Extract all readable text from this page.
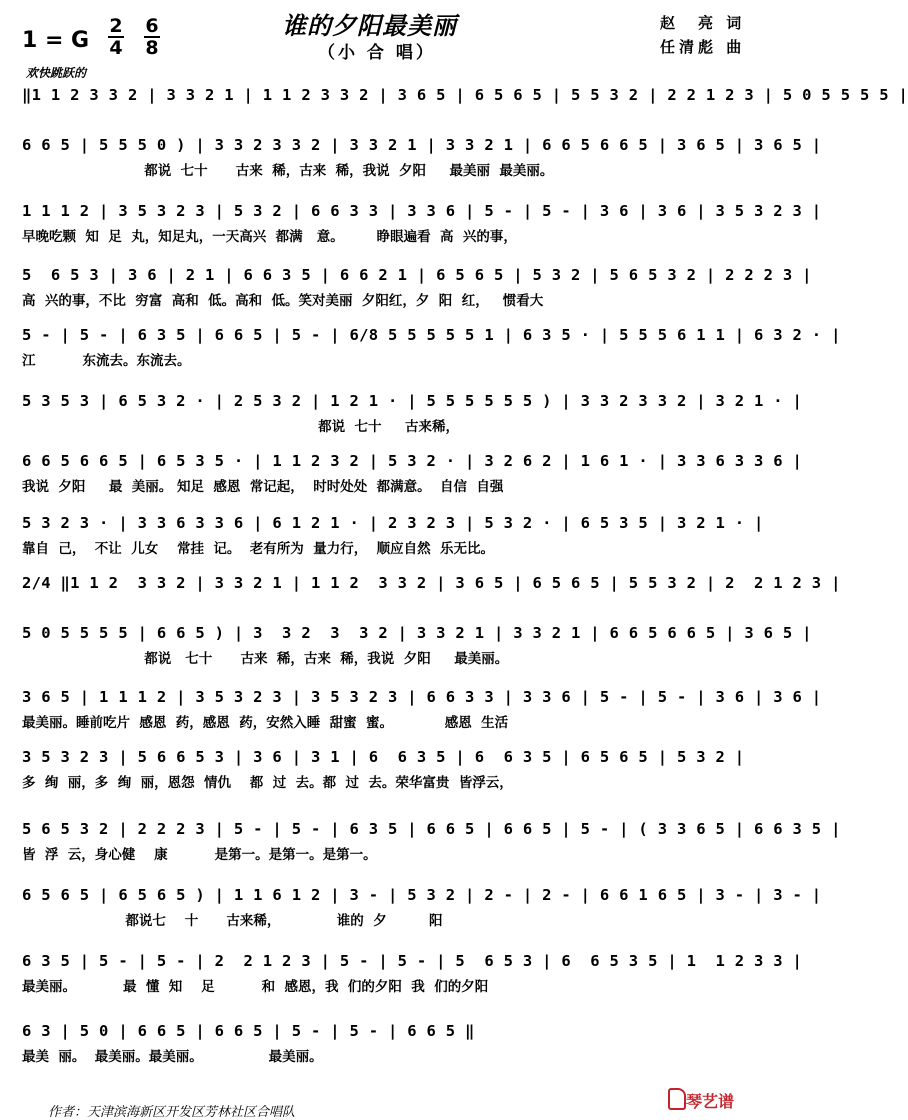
1 = G
2
4
6
8
谁的夕阳最美丽
（小 合 唱）
赵　亮 词
任清彪 曲
欢快跳跃的
‖1 1 2 3 3 2 | 3 3 2 1 | 1 1 2 3 3 2 | 3 6 5 | 6 5 6 5 | 5 5 3 2 | 2 2 1 2 3 | 5 0 5 5 5 5 |
6 6 5 | 5 5 5 0 ) | 3 3 2 3 3 2 | 3 3 2 1 | 3 3 2 1 | 6 6 5 6 6 5 | 3 6 5 | 3 6 5 |
都说  七十      古来  稀，古来  稀，我说  夕阳     最美丽  最美丽。
1 1 1 2 | 3 5 3 2 3 | 5 3 2 | 6 6 3 3 | 3 3 6 | 5 - | 5 - | 3 6 | 3 6 | 3 5 3 2 3 |
早晚吃颗  知  足  丸，知足丸，一天高兴  都满   意。       睁眼遍看  高  兴的事，
5  6 5 3 | 3 6 | 2 1 | 6 6 3 5 | 6 6 2 1 | 6 5 6 5 | 5 3 2 | 5 6 5 3 2 | 2 2 2 3 |
高  兴的事，不比  穷富  高和  低。高和  低。笑对美丽  夕阳红，夕  阳  红，   惯看大
5 - | 5 - | 6 3 5 | 6 6 5 | 5 - | 6/8 5 5 5 5 5 1 | 6 3 5 · | 5 5 5 6 1 1 | 6 3 2 · |
江          东流去。东流去。
5 3 5 3 | 6 5 3 2 · | 2 5 3 2 | 1 2 1 · | 5 5 5 5 5 5 ) | 3 3 2 3 3 2 | 3 2 1 · |
都说  七十     古来稀，
6 6 5 6 6 5 | 6 5 3 5 · | 1 1 2 3 2 | 5 3 2 · | 3 2 6 2 | 1 6 1 · | 3 3 6 3 3 6 |
我说  夕阳     最  美丽。 知足  感恩  常记起，  时时处处  都满意。  自信  自强
5 3 2 3 · | 3 3 6 3 3 6 | 6 1 2 1 · | 2 3 2 3 | 5 3 2 · | 6 5 3 5 | 3 2 1 · |
靠自  己，  不让  儿女    常挂  记。  老有所为  量力行，  顺应自然  乐无比。
2/4 ‖1 1 2  3 3 2 | 3 3 2 1 | 1 1 2  3 3 2 | 3 6 5 | 6 5 6 5 | 5 5 3 2 | 2  2 1 2 3 |
5 0 5 5 5 5 | 6 6 5 ) | 3  3 2  3  3 2 | 3 3 2 1 | 3 3 2 1 | 6 6 5 6 6 5 | 3 6 5 |
都说   七十      古来  稀，古来  稀，我说  夕阳     最美丽。
3 6 5 | 1 1 1 2 | 3 5 3 2 3 | 3 5 3 2 3 | 6 6 3 3 | 3 3 6 | 5 - | 5 - | 3 6 | 3 6 |
最美丽。睡前吃片  感恩  药，感恩  药，安然入睡  甜蜜  蜜。           感恩  生活
3 5 3 2 3 | 5 6 6 5 3 | 3 6 | 3 1 | 6  6 3 5 | 6  6 3 5 | 6 5 6 5 | 5 3 2 |
多  绚  丽，多  绚  丽，恩怨  情仇    都  过  去。都  过  去。荣华富贵  皆浮云，
5 6 5 3 2 | 2 2 2 3 | 5 - | 5 - | 6 3 5 | 6 6 5 | 6 6 5 | 5 - | ( 3 3 6 5 | 6 6 3 5 |
皆  浮  云，身心健    康          是第一。是第一。是第一。
6 5 6 5 | 6 5 6 5 ) | 1 1 6 1 2 | 3 - | 5 3 2 | 2 - | 2 - | 6 6 1 6 5 | 3 - | 3 - |
都说七    十      古来稀，            谁的  夕         阳
6 3 5 | 5 - | 5 - | 2  2 1 2 3 | 5 - | 5 - | 5  6 5 3 | 6  6 5 3 5 | 1  1 2 3 3 |
最美丽。          最  懂  知    足          和  感恩，我  们的夕阳  我  们的夕阳
6 3 | 5 0 | 6 6 5 | 6 6 5 | 5 - | 5 - | 6 6 5 ‖
最美  丽。  最美丽。最美丽。              最美丽。
作者：天津滨海新区开发区芳林社区合唱队
琴艺谱
